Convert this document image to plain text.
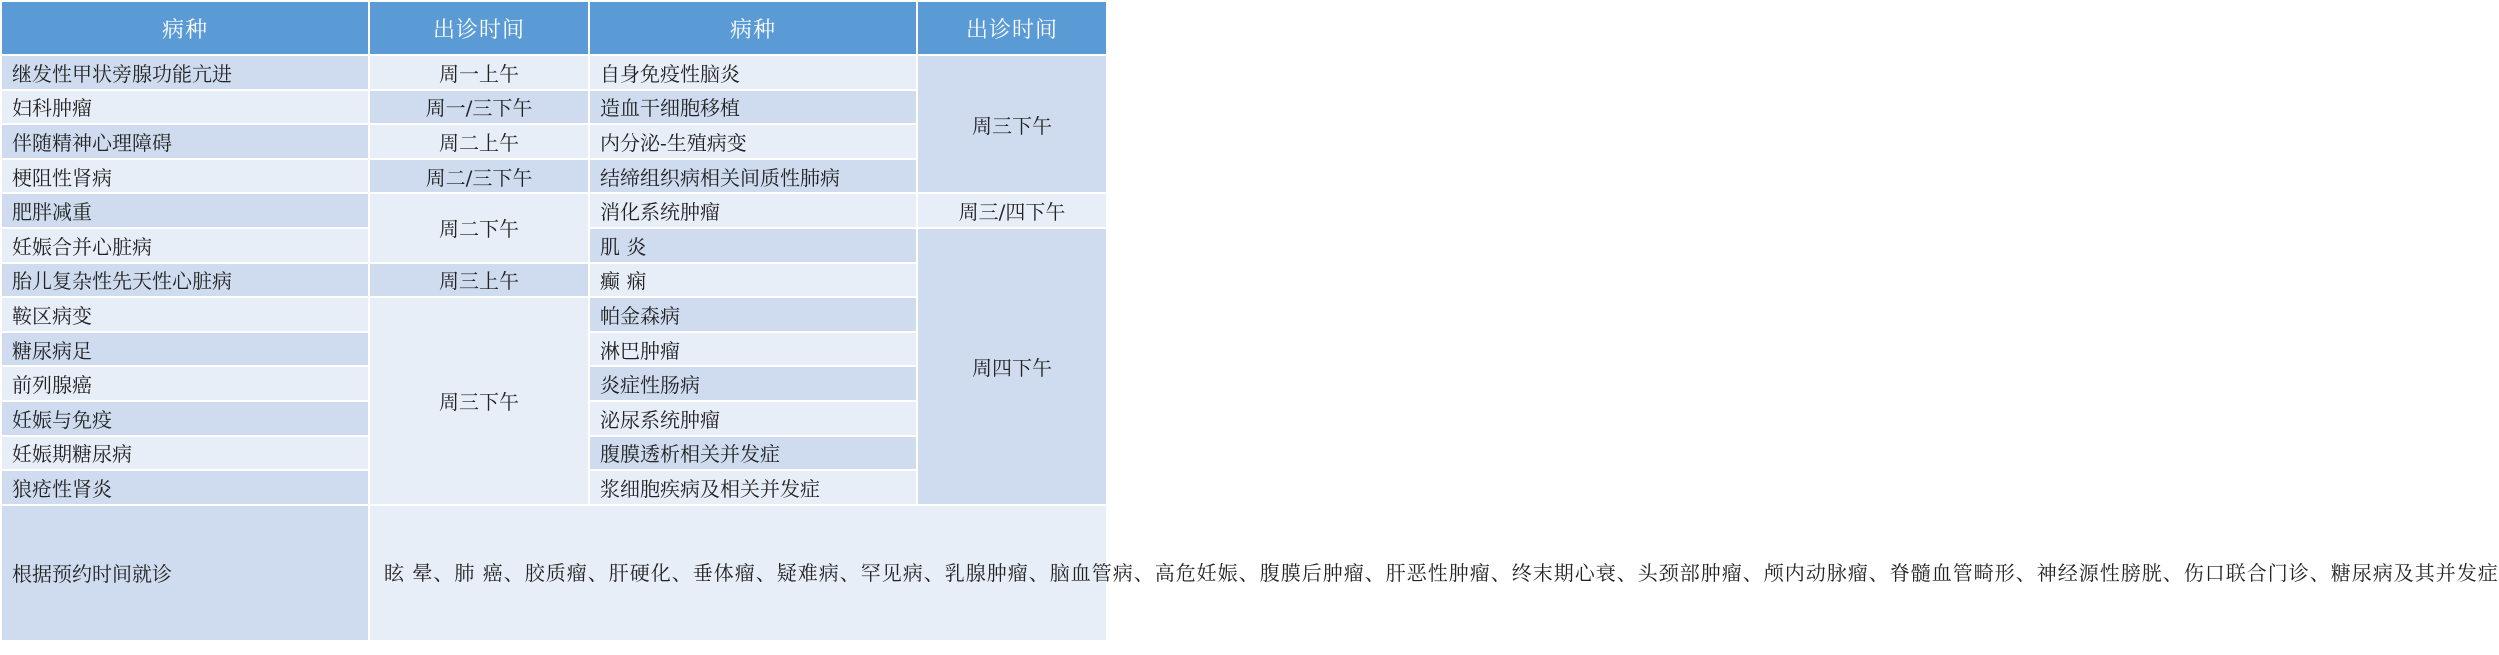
病种	出诊时间	病种	出诊时间
继发性甲状旁腺功能亢进	周一上午	自身免疫性脑炎	周三下午
妇科肿瘤	周一/三下午	造血干细胞移植	
伴随精神心理障碍	周二上午	内分泌-生殖病变	
梗阻性肾病	周二/三下午	结缔组织病相关间质性肺病	
肥胖减重	周二下午	消化系统肿瘤	周三/四下午
妊娠合并心脏病		肌 炎	周四下午
胎儿复杂性先天性心脏病	周三上午	癫 痫	
鞍区病变	周三下午	帕金森病	
糖尿病足		淋巴肿瘤	
前列腺癌		炎症性肠病	
妊娠与免疫		泌尿系统肿瘤	
妊娠期糖尿病		腹膜透析相关并发症	
狼疮性肾炎		浆细胞疾病及相关并发症	
根据预约时间就诊	眩 晕、肺 癌、胶质瘤、肝硬化、垂体瘤、疑难病、罕见病、乳腺肿瘤、脑血管病、高危妊娠、腹膜后肿瘤、肝恶性肿瘤、终末期心衰、头颈部肿瘤、颅内动脉瘤、脊髓血管畸形、神经源性膀胱、伤口联合门诊、糖尿病及其并发症		
